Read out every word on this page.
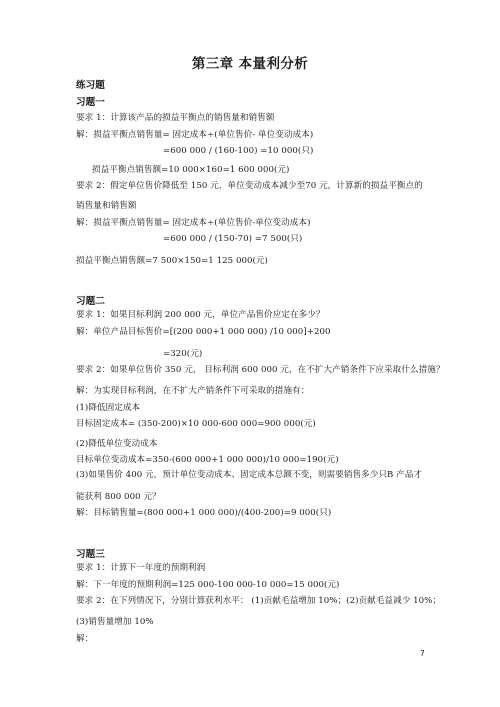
第三章 本量利分析
练习题
习题一
要求 1：计算该产品的损益平衡点的销售量和销售额
解：损益平衡点销售量= 固定成本÷(单位售价- 单位变动成本)
=600 000 / (160-100) =10 000(只)
损益平衡点销售额=10 000×160=1 600 000(元)
要求 2：假定单位售价降低至 150 元，单位变动成本减少至70 元，计算新的损益平衡点的
销售量和销售额
解：损益平衡点销售量= 固定成本÷(单位售价-单位变动成本)
=600 000 / (150-70) =7 500(只)
损益平衡点销售额=7 500×150=1 125 000(元)
习题二
要求 1：如果目标利润 200 000 元，单位产品售价应定在多少？
解：单位产品目标售价=[(200 000+1 000 000) /10 000]+200
=320(元)
要求 2：如果单位售价 350 元， 目标利润 600 000 元，在不扩大产销条件下应采取什么措施？
解：为实现目标利润，在不扩大产销条件下可采取的措施有：
(1)降低固定成本
目标固定成本= (350-200)×10 000-600 000=900 000(元)
(2)降低单位变动成本
目标单位变动成本=350-(600 000+1 000 000)/10 000=190(元)
(3)如果售价 400 元，预计单位变动成本、固定成本总额不变，则需要销售多少只B 产品才
能获利 800 000 元？
解：目标销售量=(800 000+1 000 000)/(400-200)=9 000(只)
习题三
要求 1：计算下一年度的预期利润
解：下一年度的预期利润=125 000-100 000-10 000=15 000(元)
要求 2：在下列情况下，分别计算获利水平： (1)贡献毛益增加 10%；(2)贡献毛益减少 10%；
(3)销售量增加 10%
解：
7
